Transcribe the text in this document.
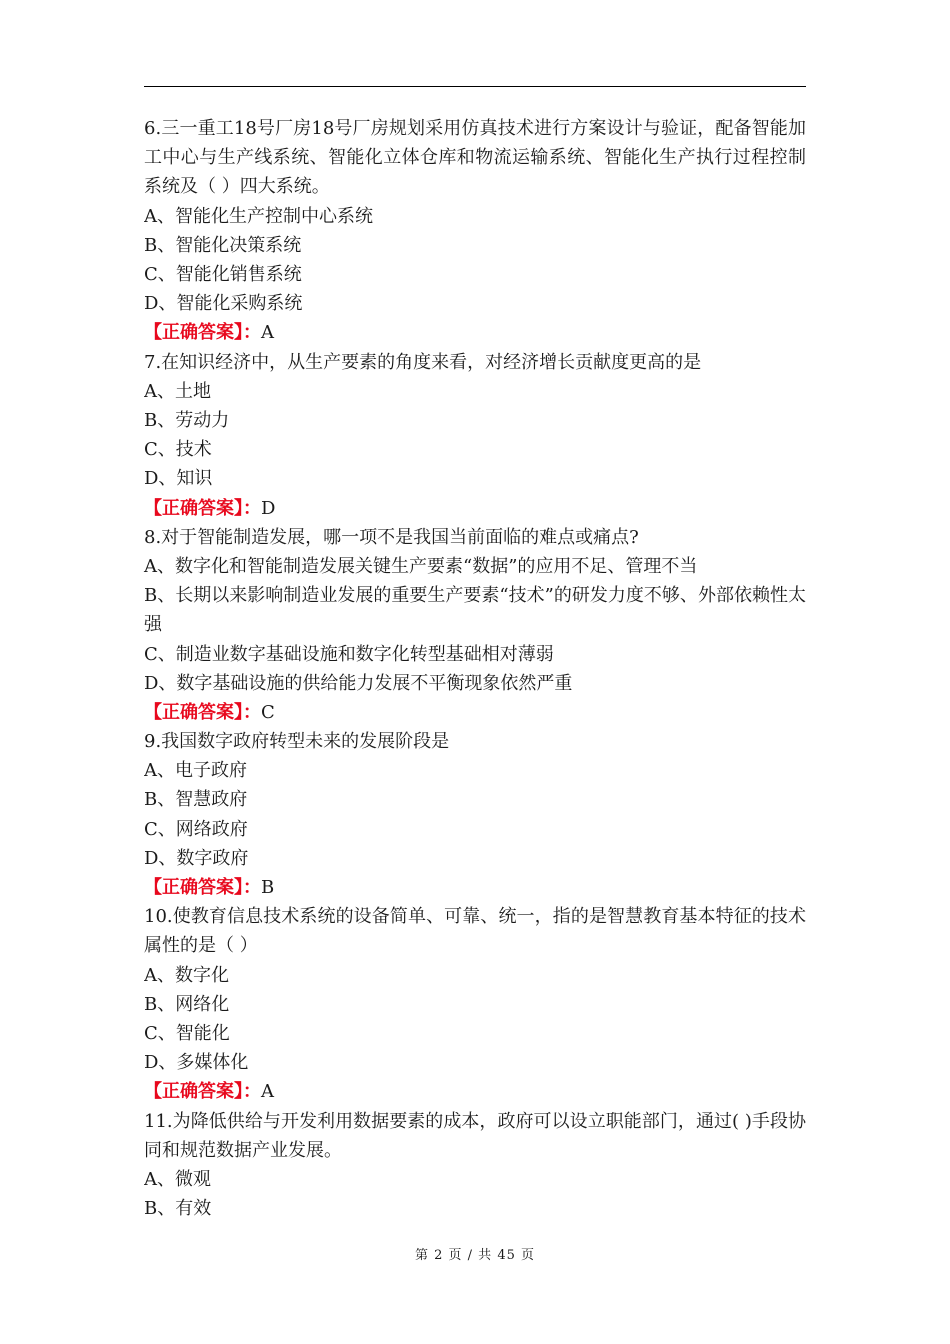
6.三一重工18号厂房18号厂房规划采用仿真技术进行方案设计与验证，配备智能加工中心与生产线系统、智能化立体仓库和物流运输系统、智能化生产执行过程控制系统及（ ）四大系统。
A、智能化生产控制中心系统
B、智能化决策系统
C、智能化销售系统
D、智能化采购系统
【正确答案】：A
7.在知识经济中，从生产要素的角度来看，对经济增长贡献度更高的是
A、土地
B、劳动力
C、技术
D、知识
【正确答案】：D
8.对于智能制造发展，哪一项不是我国当前面临的难点或痛点?
A、数字化和智能制造发展关键生产要素“数据”的应用不足、管理不当
B、长期以来影响制造业发展的重要生产要素“技术”的研发力度不够、外部依赖性太强
C、制造业数字基础设施和数字化转型基础相对薄弱
D、数字基础设施的供给能力发展不平衡现象依然严重
【正确答案】：C
9.我国数字政府转型未来的发展阶段是
A、电子政府
B、智慧政府
C、网络政府
D、数字政府
【正确答案】：B
10.使教育信息技术系统的设备简单、可靠、统一，指的是智慧教育基本特征的技术属性的是（ ）
A、数字化
B、网络化
C、智能化
D、多媒体化
【正确答案】：A
11.为降低供给与开发利用数据要素的成本，政府可以设立职能部门，通过( )手段协同和规范数据产业发展。
A、微观
B、有效
第 2 页 / 共 45 页
